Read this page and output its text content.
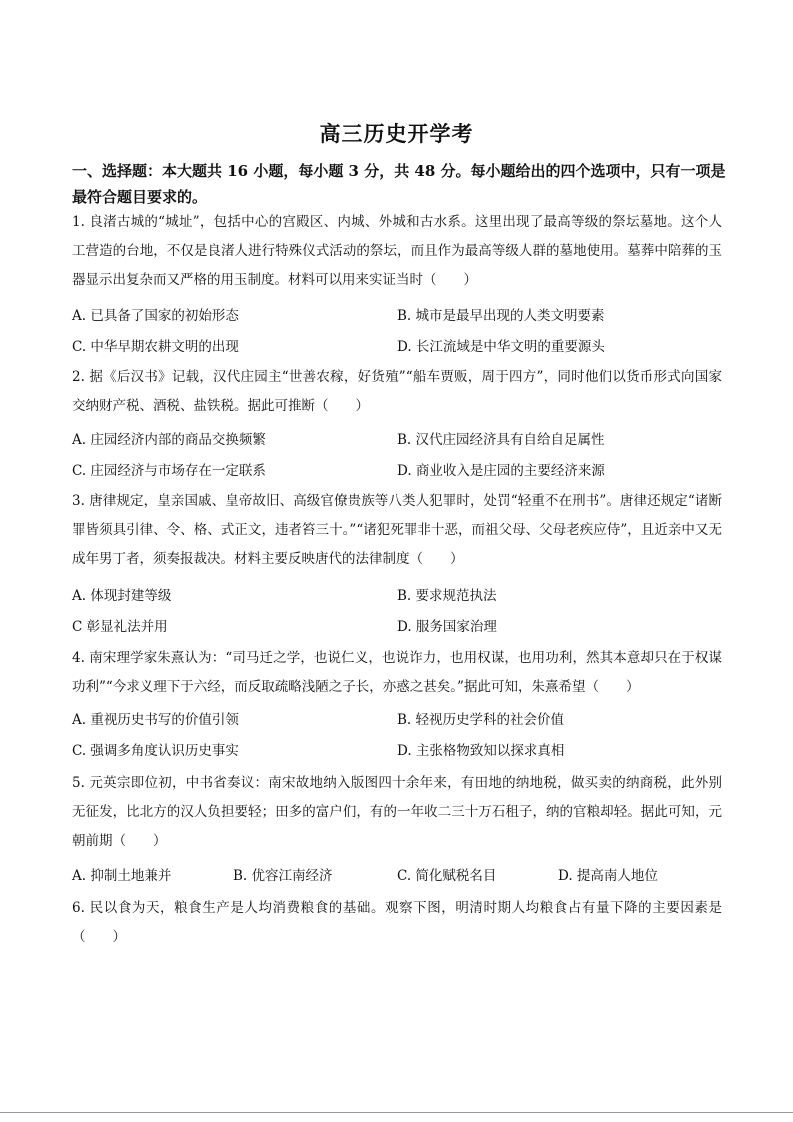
高三历史开学考
一、选择题：本大题共 16 小题，每小题 3 分，共 48 分。每小题给出的四个选项中，只有一项是最符合题目要求的。
1. 良渚古城的“城址”，包括中心的宫殿区、内城、外城和古水系。这里出现了最高等级的祭坛墓地。这个人工营造的台地，不仅是良渚人进行特殊仪式活动的祭坛，而且作为最高等级人群的墓地使用。墓葬中陪葬的玉器显示出复杂而又严格的用玉制度。材料可以用来实证当时（　　）
A. 已具备了国家的初始形态	B. 城市是最早出现的人类文明要素
C. 中华早期农耕文明的出现	D. 长江流域是中华文明的重要源头
2. 据《后汉书》记载，汉代庄园主“世善农稼，好货殖”“船车贾贩，周于四方”，同时他们以货币形式向国家交纳财产税、酒税、盐铁税。据此可推断（　　）
A. 庄园经济内部的商品交换频繁	B. 汉代庄园经济具有自给自足属性
C. 庄园经济与市场存在一定联系	D. 商业收入是庄园的主要经济来源
3. 唐律规定，皇亲国戚、皇帝故旧、高级官僚贵族等八类人犯罪时，处罚“轻重不在刑书”。唐律还规定“诸断罪皆须具引律、令、格、式正文，违者笞三十。”“诸犯死罪非十恶，而祖父母、父母老疾应侍”，且近亲中又无成年男丁者，须奏报裁决。材料主要反映唐代的法律制度（　　）
A. 体现封建等级	B. 要求规范执法
C 彰显礼法并用	D. 服务国家治理
4. 南宋理学家朱熹认为：“司马迁之学，也说仁义，也说诈力，也用权谋，也用功利，然其本意却只在于权谋功利”“今求义理下于六经，而反取疏略浅陋之子长，亦惑之甚矣。”据此可知，朱熹希望（　　）
A. 重视历史书写的价值引领	B. 轻视历史学科的社会价值
C. 强调多角度认识历史事实	D. 主张格物致知以探求真相
5. 元英宗即位初，中书省奏议：南宋故地纳入版图四十余年来，有田地的纳地税，做买卖的纳商税，此外别无征发，比北方的汉人负担要轻；田多的富户们，有的一年收二三十万石租子，纳的官粮却轻。据此可知，元朝前期（　　）
A. 抑制土地兼并	B. 优容江南经济	C. 简化赋税名目	D. 提高南人地位
6. 民以食为天，粮食生产是人均消费粮食的基础。观察下图，明清时期人均粮食占有量下降的主要因素是（　　）
